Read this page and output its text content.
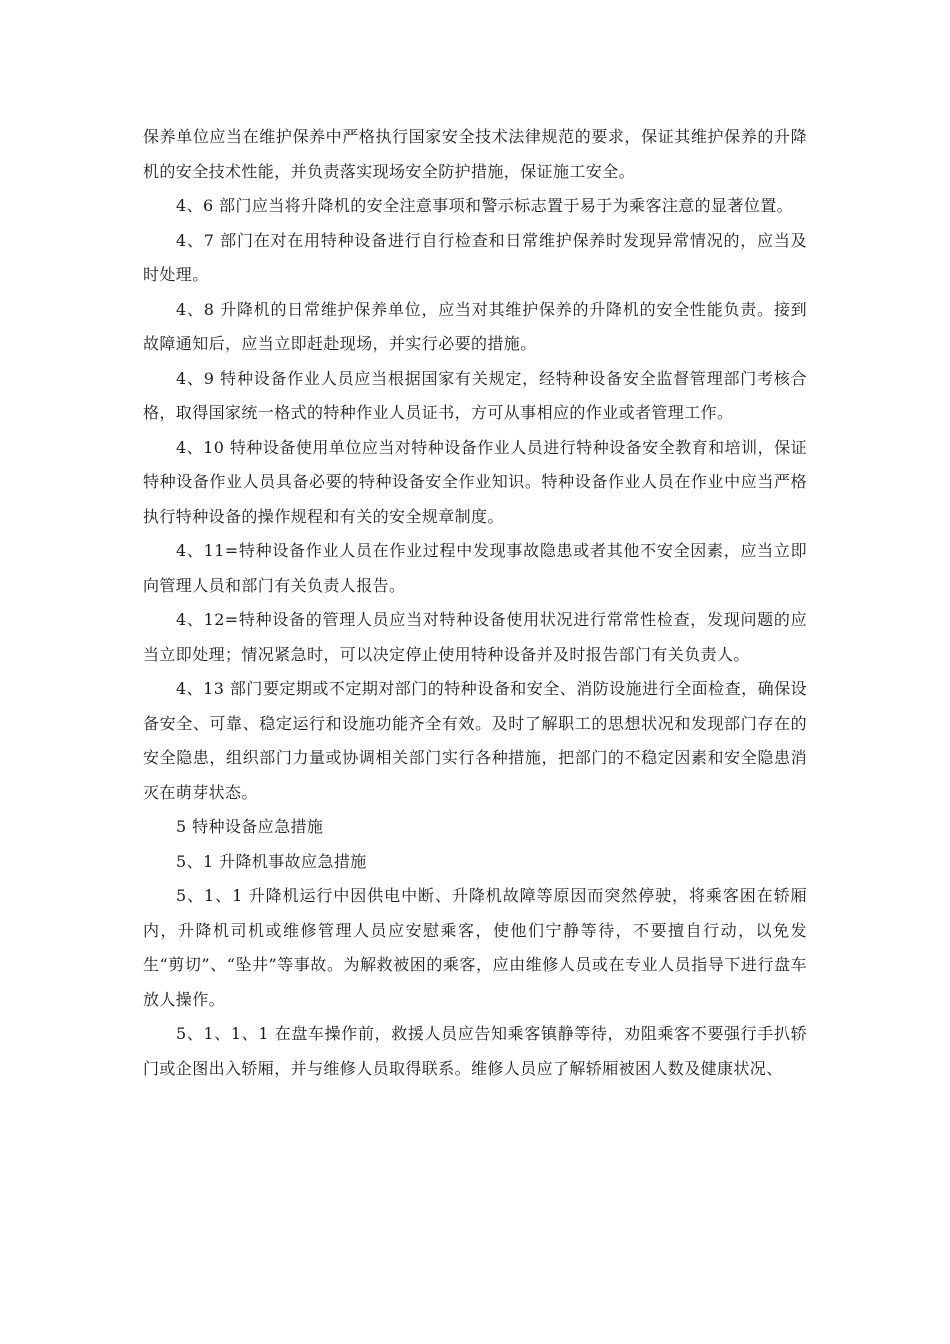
保养单位应当在维护保养中严格执行国家安全技术法律规范的要求，保证其维护保养的升降机的安全技术性能，并负责落实现场安全防护措施，保证施工安全。

4、6 部门应当将升降机的安全注意事项和警示标志置于易于为乘客注意的显著位置。

4、7 部门在对在用特种设备进行自行检查和日常维护保养时发现异常情况的，应当及时处理。

4、8 升降机的日常维护保养单位，应当对其维护保养的升降机的安全性能负责。接到故障通知后，应当立即赶赴现场，并实行必要的措施。

4、9 特种设备作业人员应当根据国家有关规定，经特种设备安全监督管理部门考核合格，取得国家统一格式的特种作业人员证书，方可从事相应的作业或者管理工作。

4、10 特种设备使用单位应当对特种设备作业人员进行特种设备安全教育和培训，保证特种设备作业人员具备必要的特种设备安全作业知识。特种设备作业人员在作业中应当严格执行特种设备的操作规程和有关的安全规章制度。

4、11=特种设备作业人员在作业过程中发现事故隐患或者其他不安全因素，应当立即向管理人员和部门有关负责人报告。

4、12=特种设备的管理人员应当对特种设备使用状况进行常常性检查，发现问题的应当立即处理；情况紧急时，可以决定停止使用特种设备并及时报告部门有关负责人。

4、13 部门要定期或不定期对部门的特种设备和安全、消防设施进行全面检查，确保设备安全、可靠、稳定运行和设施功能齐全有效。及时了解职工的思想状况和发现部门存在的安全隐患，组织部门力量或协调相关部门实行各种措施，把部门的不稳定因素和安全隐患消灭在萌芽状态。

5 特种设备应急措施

5、1 升降机事故应急措施

5、1、1 升降机运行中因供电中断、升降机故障等原因而突然停驶，将乘客困在轿厢内，升降机司机或维修管理人员应安慰乘客，使他们宁静等待，不要擅自行动，以免发生“剪切”、“坠井”等事故。为解救被困的乘客，应由维修人员或在专业人员指导下进行盘车放人操作。

5、1、1、1 在盘车操作前，救援人员应告知乘客镇静等待，劝阻乘客不要强行手扒轿门或企图出入轿厢，并与维修人员取得联系。维修人员应了解轿厢被困人数及健康状况、
